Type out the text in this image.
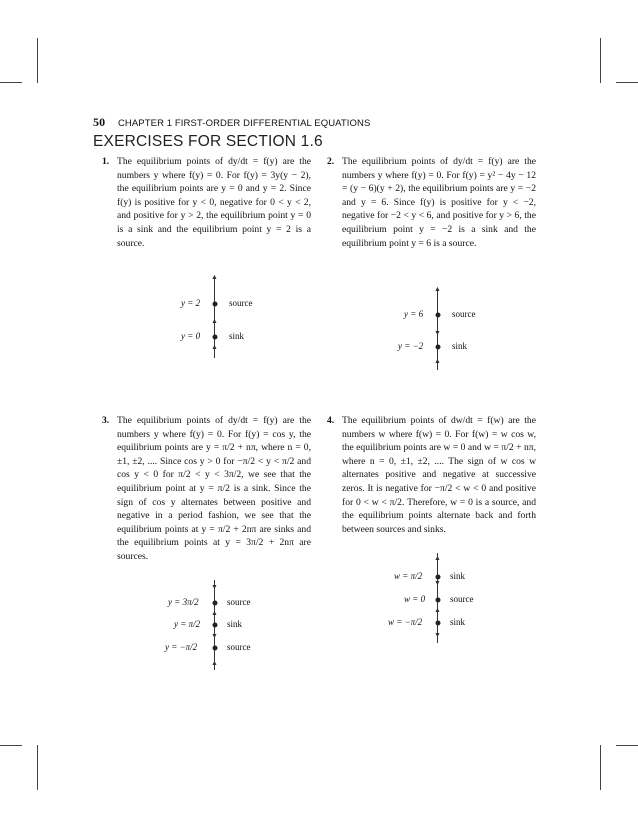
50 CHAPTER 1 FIRST-ORDER DIFFERENTIAL EQUATIONS
EXERCISES FOR SECTION 1.6
1. The equilibrium points of dy/dt = f(y) are the numbers y where f(y) = 0. For f(y) = 3y(y − 2), the equilibrium points are y = 0 and y = 2. Since f(y) is positive for y < 0, negative for 0 < y < 2, and positive for y > 2, the equilibrium point y = 0 is a sink and the equilibrium point y = 2 is a source.

▲
▲
▲
y = 2	source
y = 0	sink
2. The equilibrium points of dy/dt = f(y) are the numbers y where f(y) = 0. For f(y) = y² − 4y − 12 = (y − 6)(y + 2), the equilibrium points are y = −2 and y = 6. Since f(y) is positive for y < −2, negative for −2 < y < 6, and positive for y > 6, the equilibrium point y = −2 is a sink and the equilibrium point y = 6 is a source.

▲
▼
▲
y = 6	source
y = −2	sink
3. The equilibrium points of dy/dt = f(y) are the numbers y where f(y) = 0. For f(y) = cos y, the equilibrium points are y = π/2 + nπ, where n = 0, ±1, ±2, .... Since cos y > 0 for −π/2 < y < π/2 and cos y < 0 for π/2 < y < 3π/2, we see that the equilibrium point at y = π/2 is a sink. Since the sign of cos y alternates between positive and negative in a period fashion, we see that the equilibrium points at y = π/2 + 2nπ are sinks and the equilibrium points at y = 3π/2 + 2nπ are sources.

▼
▲
▼
▲
y = 3π/2	source
y = π/2	sink
y = −π/2	source
4. The equilibrium points of dw/dt = f(w) are the numbers w where f(w) = 0. For f(w) = w cos w, the equilibrium points are w = 0 and w = π/2 + nπ, where n = 0, ±1, ±2, .... The sign of w cos w alternates positive and negative at successive zeros. It is negative for −π/2 < w < 0 and positive for 0 < w < π/2. Therefore, w = 0 is a source, and the equilibrium points alternate back and forth between sources and sinks.

▲
▼
▲
▼
w = π/2	sink
w = 0	source
w = −π/2	sink
